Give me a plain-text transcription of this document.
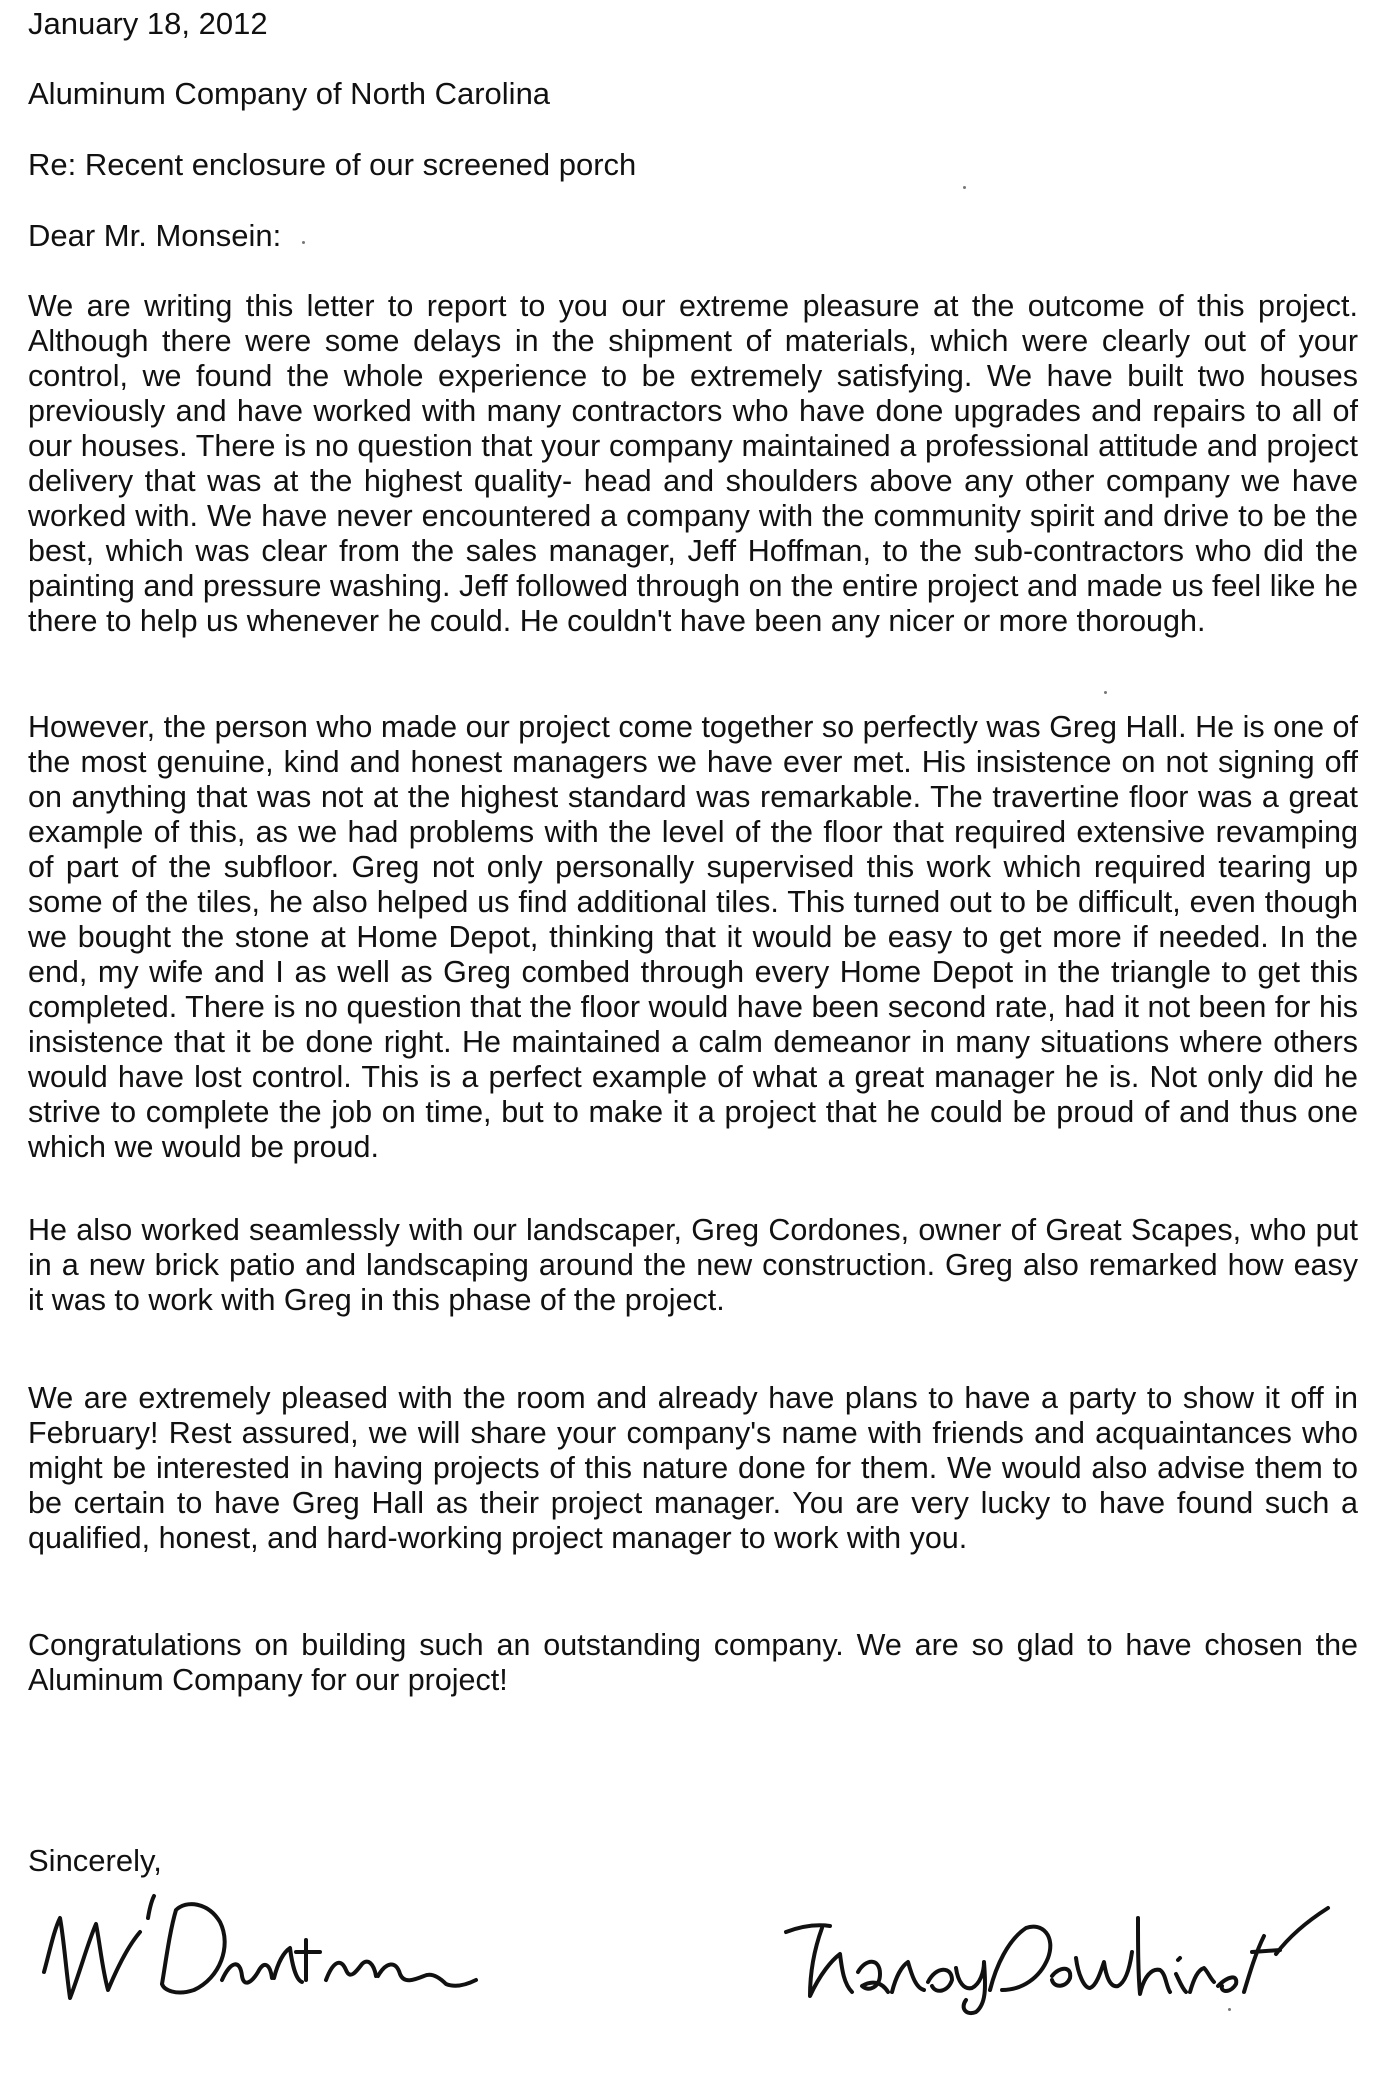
January 18, 2012

Aluminum Company of North Carolina

Re: Recent enclosure of our screened porch

Dear Mr. Monsein:

We are writing this letter to report to you our extreme pleasure at the outcome of this project. Although there were some delays in the shipment of materials, which were clearly out of your control, we found the whole experience to be extremely satisfying. We have built two houses previously and have worked with many contractors who have done upgrades and repairs to all of our houses. There is no question that your company maintained a professional attitude and project delivery that was at the highest quality- head and shoulders above any other company we have worked with. We have never encountered a company with the community spirit and drive to be the best, which was clear from the sales manager, Jeff Hoffman, to the sub-contractors who did the painting and pressure washing. Jeff followed through on the entire project and made us feel like he there to help us whenever he could. He couldn't have been any nicer or more thorough.

However, the person who made our project come together so perfectly was Greg Hall. He is one of the most genuine, kind and honest managers we have ever met. His insistence on not signing off on anything that was not at the highest standard was remarkable. The travertine floor was a great example of this, as we had problems with the level of the floor that required extensive revamping of part of the subfloor. Greg not only personally supervised this work which required tearing up some of the tiles, he also helped us find additional tiles. This turned out to be difficult, even though we bought the stone at Home Depot, thinking that it would be easy to get more if needed. In the end, my wife and I as well as Greg combed through every Home Depot in the triangle to get this completed. There is no question that the floor would have been second rate, had it not been for his insistence that it be done right. He maintained a calm demeanor in many situations where others would have lost control. This is a perfect example of what a great manager he is. Not only did he strive to complete the job on time, but to make it a project that he could be proud of and thus one which we would be proud.

He also worked seamlessly with our landscaper, Greg Cordones, owner of Great Scapes, who put in a new brick patio and landscaping around the new construction. Greg also remarked how easy it was to work with Greg in this phase of the project.

We are extremely pleased with the room and already have plans to have a party to show it off in February! Rest assured, we will share your company's name with friends and acquaintances who might be interested in having projects of this nature done for them. We would also advise them to be certain to have Greg Hall as their project manager. You are very lucky to have found such a qualified, honest, and hard-working project manager to work with you.

Congratulations on building such an outstanding company. We are so glad to have chosen the Aluminum Company for our project!

Sincerely,
